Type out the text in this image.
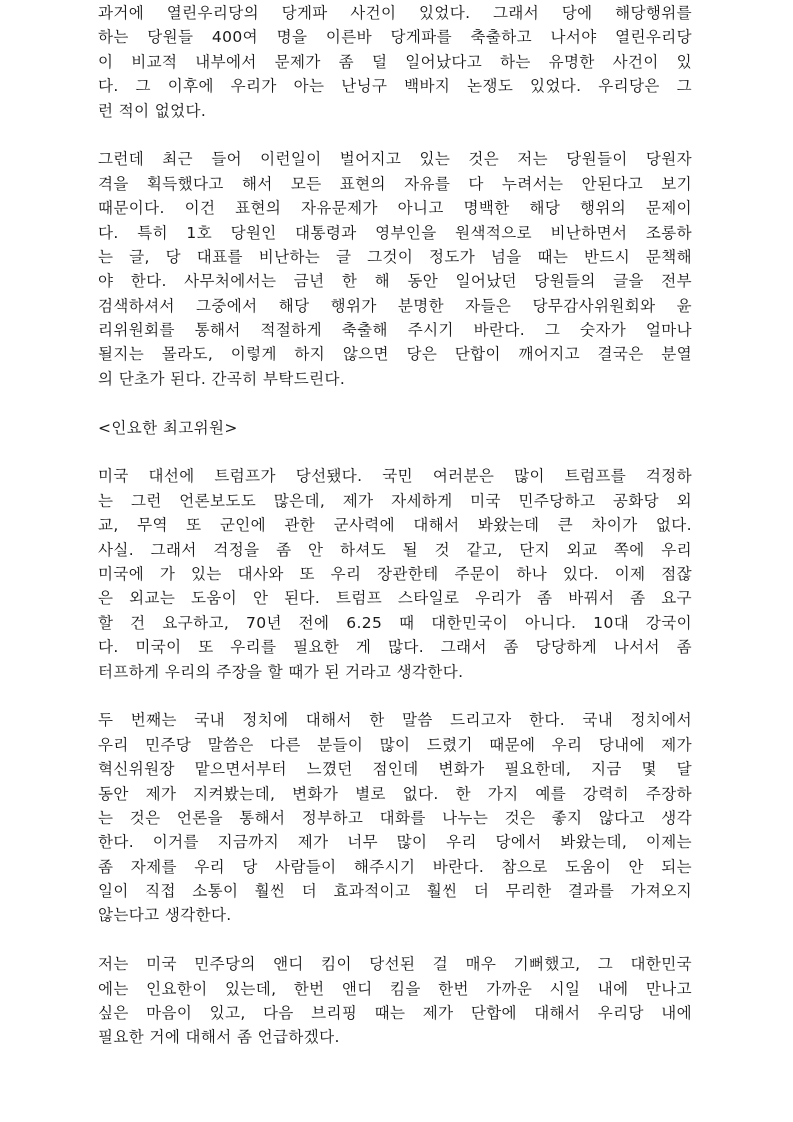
과거에 열린우리당의 당게파 사건이 있었다. 그래서 당에 해당행위를
하는 당원들 400여 명을 이른바 당게파를 축출하고 나서야 열린우리당
이 비교적 내부에서 문제가 좀 덜 일어났다고 하는 유명한 사건이 있
다. 그 이후에 우리가 아는 난닝구 백바지 논쟁도 있었다. 우리당은 그
런 적이 없었다.
그런데 최근 들어 이런일이 벌어지고 있는 것은 저는 당원들이 당원자
격을 획득했다고 해서 모든 표현의 자유를 다 누려서는 안된다고 보기
때문이다. 이건 표현의 자유문제가 아니고 명백한 해당 행위의 문제이
다. 특히 1호 당원인 대통령과 영부인을 원색적으로 비난하면서 조롱하
는 글, 당 대표를 비난하는 글 그것이 정도가 넘을 때는 반드시 문책해
야 한다. 사무처에서는 금년 한 해 동안 일어났던 당원들의 글을 전부
검색하셔서 그중에서 해당 행위가 분명한 자들은 당무감사위원회와 윤
리위원회를 통해서 적절하게 축출해 주시기 바란다. 그 숫자가 얼마나
될지는 몰라도, 이렇게 하지 않으면 당은 단합이 깨어지고 결국은 분열
의 단초가 된다. 간곡히 부탁드린다.
<인요한 최고위원>
미국 대선에 트럼프가 당선됐다. 국민 여러분은 많이 트럼프를 걱정하
는 그런 언론보도도 많은데, 제가 자세하게 미국 민주당하고 공화당 외
교, 무역 또 군인에 관한 군사력에 대해서 봐왔는데 큰 차이가 없다.
사실. 그래서 걱정을 좀 안 하셔도 될 것 같고, 단지 외교 쪽에 우리
미국에 가 있는 대사와 또 우리 장관한테 주문이 하나 있다. 이제 점잖
은 외교는 도움이 안 된다. 트럼프 스타일로 우리가 좀 바꿔서 좀 요구
할 건 요구하고, 70년 전에 6.25 때 대한민국이 아니다. 10대 강국이
다. 미국이 또 우리를 필요한 게 많다. 그래서 좀 당당하게 나서서 좀
터프하게 우리의 주장을 할 때가 된 거라고 생각한다.
두 번째는 국내 정치에 대해서 한 말씀 드리고자 한다. 국내 정치에서
우리 민주당 말씀은 다른 분들이 많이 드렸기 때문에 우리 당내에 제가
혁신위원장 맡으면서부터 느꼈던 점인데 변화가 필요한데, 지금 몇 달
동안 제가 지켜봤는데, 변화가 별로 없다. 한 가지 예를 강력히 주장하
는 것은 언론을 통해서 정부하고 대화를 나누는 것은 좋지 않다고 생각
한다. 이거를 지금까지 제가 너무 많이 우리 당에서 봐왔는데, 이제는
좀 자제를 우리 당 사람들이 해주시기 바란다. 참으로 도움이 안 되는
일이 직접 소통이 훨씬 더 효과적이고 훨씬 더 무리한 결과를 가져오지
않는다고 생각한다.
저는 미국 민주당의 앤디 킴이 당선된 걸 매우 기뻐했고, 그 대한민국
에는 인요한이 있는데, 한번 앤디 킴을 한번 가까운 시일 내에 만나고
싶은 마음이 있고, 다음 브리핑 때는 제가 단합에 대해서 우리당 내에
필요한 거에 대해서 좀 언급하겠다.
